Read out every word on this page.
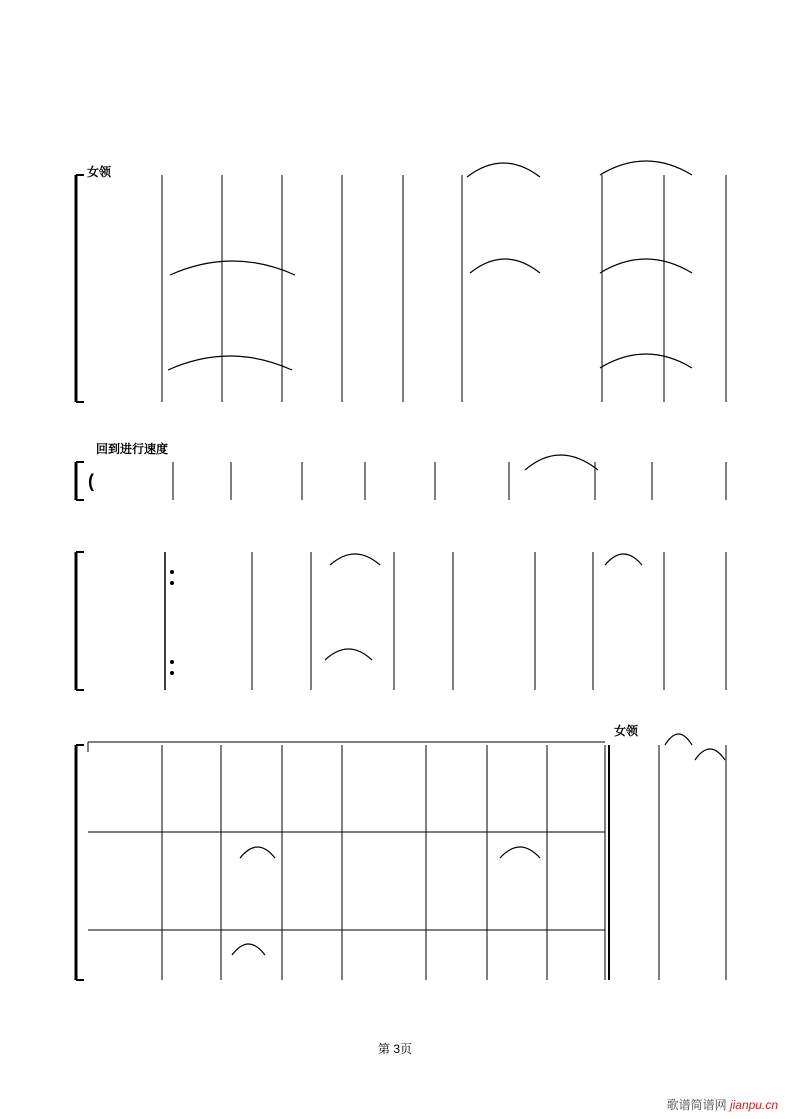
(
女领
回到进行速度
女领
第 3页
歌谱简谱网 jianpu.cn
